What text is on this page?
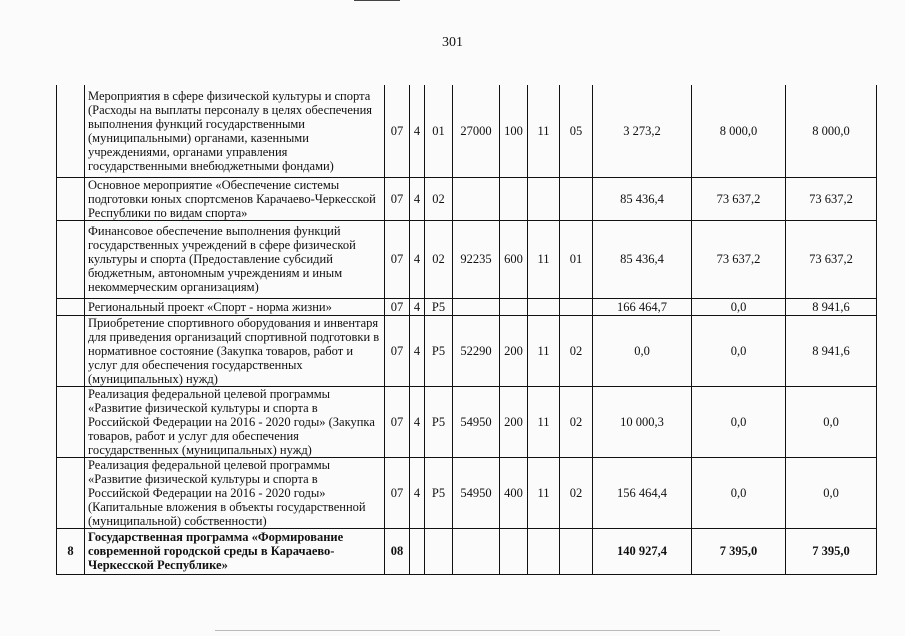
301
	Мероприятия в сфере физической культуры и спорта (Расходы на выплаты персоналу в целях обеспечения выполнения функций государственными (муниципальными) органами, казенными учреждениями, органами управления государственными внебюджетными фондами)	07	4	01	27000	100	11	05	3 273,2	8 000,0	8 000,0
	Основное мероприятие «Обеспечение системы подготовки юных спортсменов Карачаево-Черкесской Республики по видам спорта»	07	4	02					85 436,4	73 637,2	73 637,2
	Финансовое обеспечение выполнения функций государственных учреждений в сфере физической культуры и спорта (Предоставление субсидий бюджетным, автономным учреждениям и иным некоммерческим организациям)	07	4	02	92235	600	11	01	85 436,4	73 637,2	73 637,2
	Региональный проект «Спорт - норма жизни»	07	4	P5					166 464,7	0,0	8 941,6
	Приобретение спортивного оборудования и инвентаря для приведения организаций спортивной подготовки в нормативное состояние (Закупка товаров, работ и услуг для обеспечения государственных (муниципальных) нужд)	07	4	P5	52290	200	11	02	0,0	0,0	8 941,6
	Реализация федеральной целевой программы «Развитие физической культуры и спорта в Российской Федерации на 2016 - 2020 годы» (Закупка товаров, работ и услуг для обеспечения государственных (муниципальных) нужд)	07	4	P5	54950	200	11	02	10 000,3	0,0	0,0
	Реализация федеральной целевой программы «Развитие физической культуры и спорта в Российской Федерации на 2016 - 2020 годы» (Капитальные вложения в объекты государственной (муниципальной) собственности)	07	4	P5	54950	400	11	02	156 464,4	0,0	0,0
8	Государственная программа «Формирование современной городской среды в Карачаево-Черкесской Республике»	08							140 927,4	7 395,0	7 395,0
